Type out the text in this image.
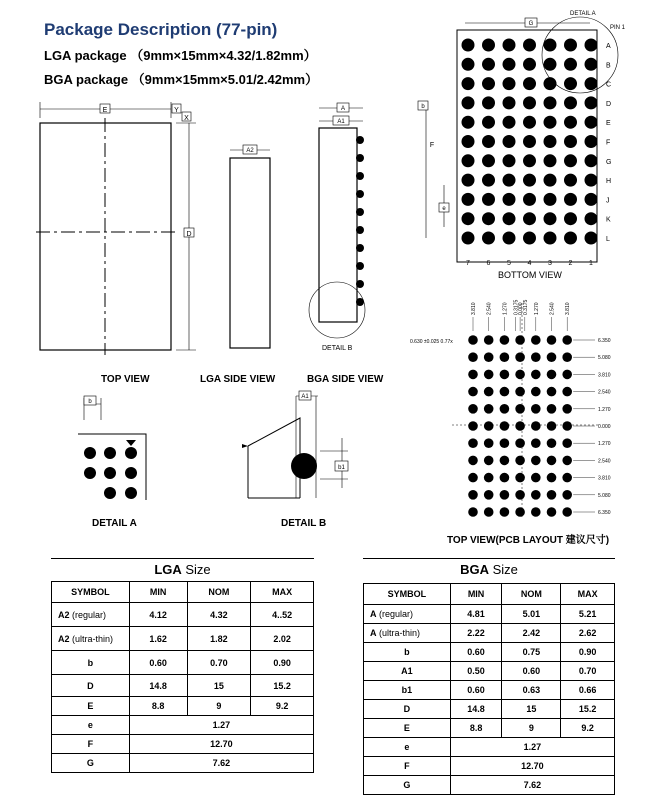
Package Description (77-pin)
LGA package （9mm×15mm×4.32/1.82mm）
BGA package （9mm×15mm×5.01/2.42mm）
E	Y
X
D
A2
A
A1
DETAIL B
TOP VIEW	LGA SIDE VIEW	BGA SIDE VIEW
b
A1
b1
DETAIL A	DETAIL B
DETAIL A
PIN 1
G
A
B
C
D
E
F
G
H
J
K
L
7 6 5 4 3 2 1
F
e
b
BOTTOM VIEW
3.810 2.540 1.270 0.3175
0.000
0.3175 1.270 2.540 3.810
6.350
5.080
3.810
2.540
1.270
0.000
1.270
2.540
3.810
5.080
6.350
0.630 ±0.025 0.77x
TOP VIEW(PCB LAYOUT 建议尺寸)
LGA Size
SYMBOL	MIN	NOM	MAX
A2 (regular)	4.12	4.32	4..52
A2 (ultra-thin)	1.62	1.82	2.02
b	0.60	0.70	0.90
D	14.8	15	15.2
E	8.8	9	9.2
e	1.27		
F	12.70		
G	7.62		
BGA Size
SYMBOL	MIN	NOM	MAX
A (regular)	4.81	5.01	5.21
A (ultra-thin)	2.22	2.42	2.62
b	0.60	0.75	0.90
A1	0.50	0.60	0.70
b1	0.60	0.63	0.66
D	14.8	15	15.2
E	8.8	9	9.2
e	1.27		
F	12.70		
G	7.62		
